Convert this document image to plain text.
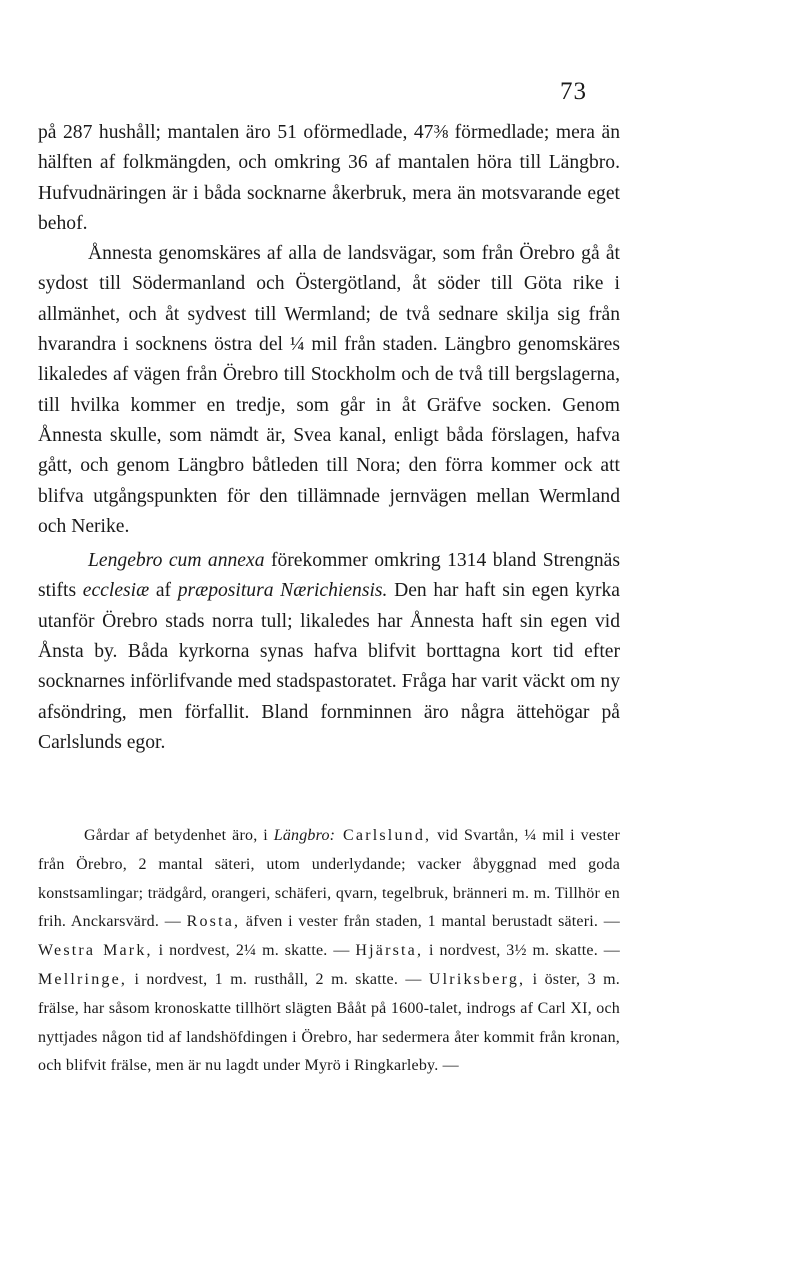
73

på 287 hushåll; mantalen äro 51 oförmedlade, 47⅜ förmedlade; mera än hälften af folkmängden, och omkring 36 af mantalen höra till Längbro. Hufvudnäringen är i båda socknarne åkerbruk, mera än motsvarande eget behof.

Ånnesta genomskäres af alla de landsvägar, som från Örebro gå åt sydost till Södermanland och Östergötland, åt söder till Göta rike i allmänhet, och åt sydvest till Wermland; de två sednare skilja sig från hvarandra i socknens östra del ¼ mil från staden. Längbro genomskäres likaledes af vägen från Örebro till Stockholm och de två till bergslagerna, till hvilka kommer en tredje, som går in åt Gräfve socken. Genom Ånnesta skulle, som nämdt är, Svea kanal, enligt båda förslagen, hafva gått, och genom Längbro båtleden till Nora; den förra kommer ock att blifva utgångspunkten för den tillämnade jernvägen mellan Wermland och Nerike.

Lengebro cum annexa förekommer omkring 1314 bland Strengnäs stifts ecclesiæ af præpositura Nærichiensis. Den har haft sin egen kyrka utanför Örebro stads norra tull; likaledes har Ånnesta haft sin egen vid Ånsta by. Båda kyrkorna synas hafva blifvit borttagna kort tid efter socknarnes införlifvande med stadspastoratet. Fråga har varit väckt om ny afsöndring, men förfallit. Bland fornminnen äro några ättehögar på Carlslunds egor.

Gårdar af betydenhet äro, i Längbro: Carlslund, vid Svartån, ¼ mil i vester från Örebro, 2 mantal säteri, utom underlydande; vacker åbyggnad med goda konstsamlingar; trädgård, orangeri, schäferi, qvarn, tegelbruk, bränneri m. m. Tillhör en frih. Anckarsvärd. — Rosta, äfven i vester från staden, 1 mantal berustadt säteri. — Westra Mark, i nordvest, 2¼ m. skatte. — Hjärsta, i nordvest, 3½ m. skatte. — Mellringe, i nordvest, 1 m. rusthåll, 2 m. skatte. — Ulriksberg, i öster, 3 m. frälse, har såsom kronoskatte tillhört slägten Bååt på 1600-talet, indrogs af Carl XI, och nyttjades någon tid af landshöfdingen i Örebro, har sedermera åter kommit från kronan, och blifvit frälse, men är nu lagdt under Myrö i Ringkarleby. —
